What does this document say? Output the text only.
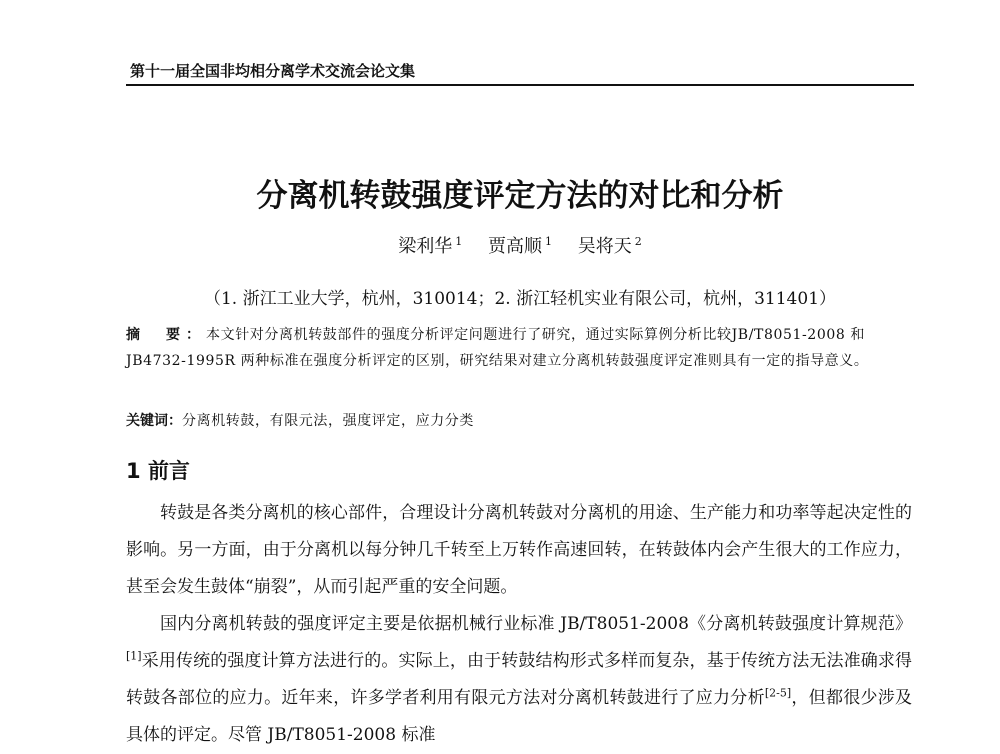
第十一届全国非均相分离学术交流会论文集
分离机转鼓强度评定方法的对比和分析
梁利华 $^1$ 贾高顺 $^1$ 吴将天 $^2$
（1. 浙江工业大学，杭州，310014；2. 浙江轻机实业有限公司，杭州，311401）
摘　要：本文针对分离机转鼓部件的强度分析评定问题进行了研究，通过实际算例分析比较JB/T8051-2008 和 JB4732-1995R 两种标准在强度分析评定的区别，研究结果对建立分离机转鼓强度评定准则具有一定的指导意义。
关键词：分离机转鼓，有限元法，强度评定，应力分类
1 前言

转鼓是各类分离机的核心部件，合理设计分离机转鼓对分离机的用途、生产能力和功率等起决定性的影响。另一方面，由于分离机以每分钟几千转至上万转作高速回转，在转鼓体内会产生很大的工作应力，甚至会发生鼓体“崩裂”，从而引起严重的安全问题。

国内分离机转鼓的强度评定主要是依据机械行业标准 JB/T8051-2008《分离机转鼓强度计算规范》[1]采用传统的强度计算方法进行的。实际上，由于转鼓结构形式多样而复杂，基于传统方法无法准确求得转鼓各部位的应力。近年来，许多学者利用有限元方法对分离机转鼓进行了应力分析[2-5]，但都很少涉及具体的评定。尽管 JB/T8051-2008 标准
